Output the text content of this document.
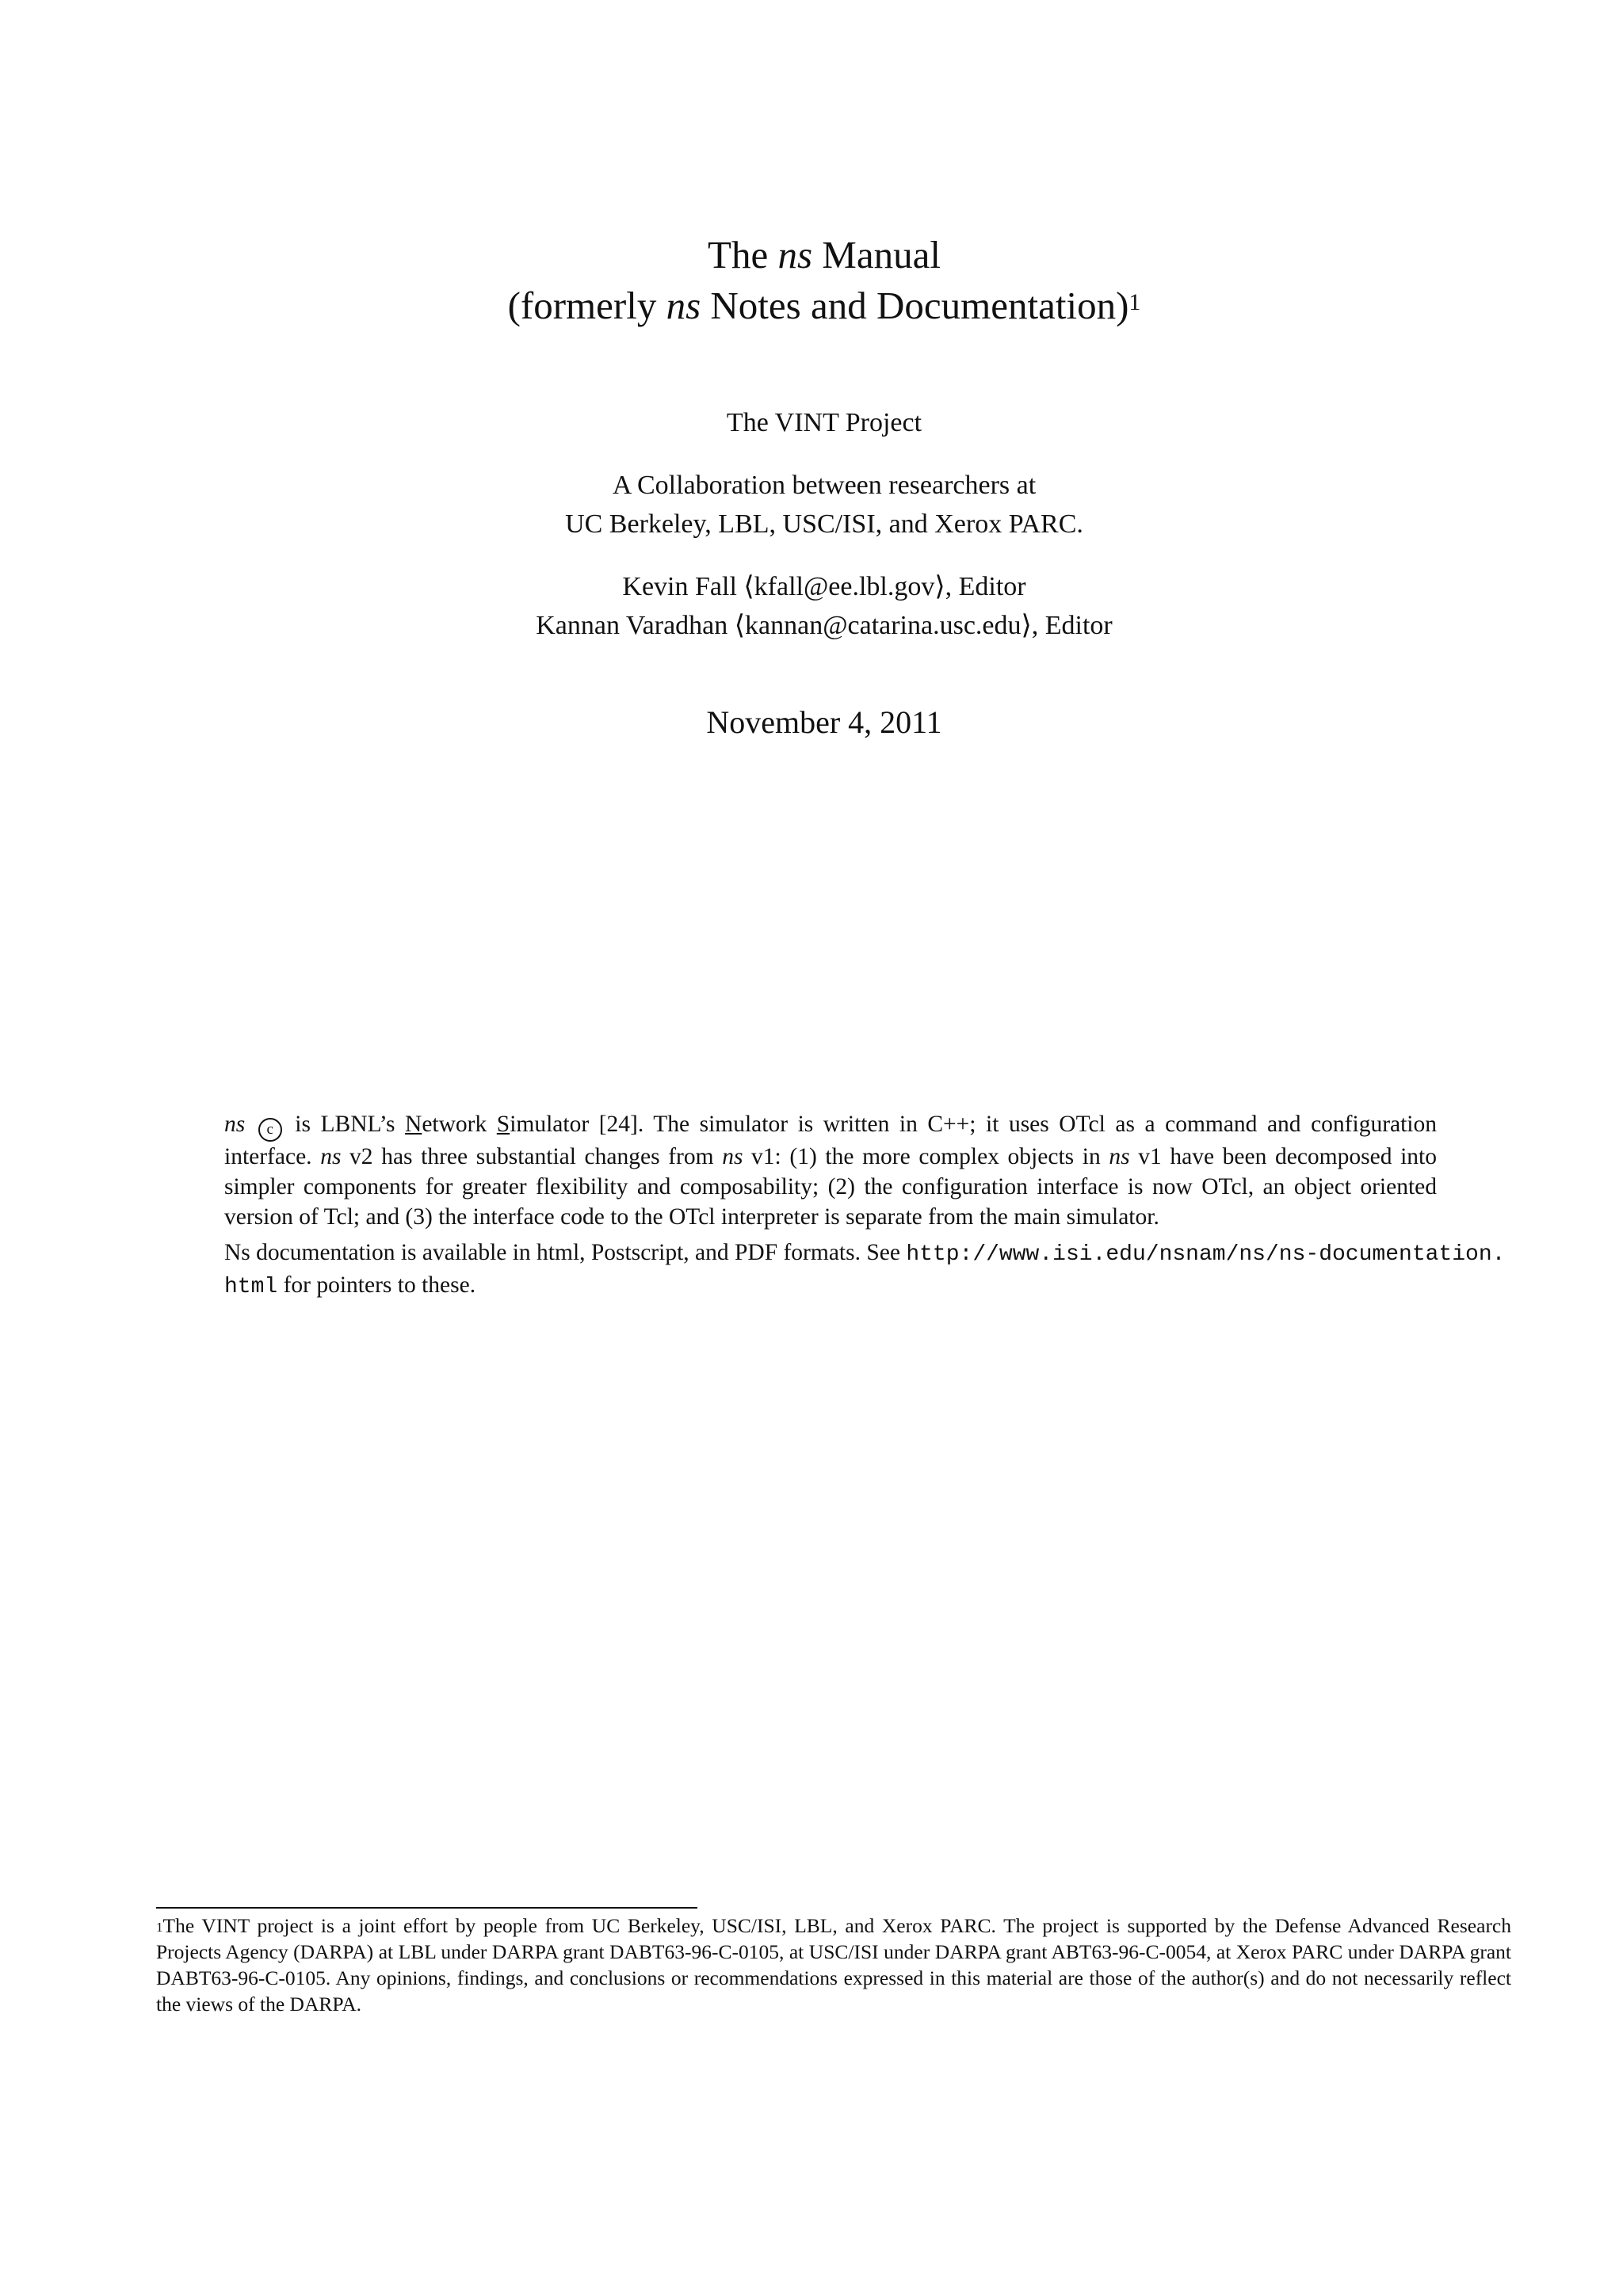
The ns Manual
(formerly ns Notes and Documentation)$^1$
The VINT Project
A Collaboration between researchers at
UC Berkeley, LBL, USC/ISI, and Xerox PARC.
Kevin Fall ⟨kfall@ee.lbl.gov⟩, Editor
Kannan Varadhan ⟨kannan@catarina.usc.edu⟩, Editor
November 4, 2011

ns c is LBNL’s Network Simulator [24]. The simulator is written in C++; it uses OTcl as a command and configuration interface. ns v2 has three substantial changes from ns v1: (1) the more complex objects in ns v1 have been decomposed into simpler components for greater flexibility and composability; (2) the configuration interface is now OTcl, an object oriented version of Tcl; and (3) the interface code to the OTcl interpreter is separate from the main simulator.

Ns documentation is available in html, Postscript, and PDF formats. See http://www.isi.edu/nsnam/ns/ns-documentation.
html for pointers to these.

$^1$The VINT project is a joint effort by people from UC Berkeley, USC/ISI, LBL, and Xerox PARC. The project is supported by the Defense Advanced Research Projects Agency (DARPA) at LBL under DARPA grant DABT63-96-C-0105, at USC/ISI under DARPA grant ABT63-96-C-0054, at Xerox PARC under DARPA grant DABT63-96-C-0105. Any opinions, findings, and conclusions or recommendations expressed in this material are those of the author(s) and do not necessarily reflect the views of the DARPA.
